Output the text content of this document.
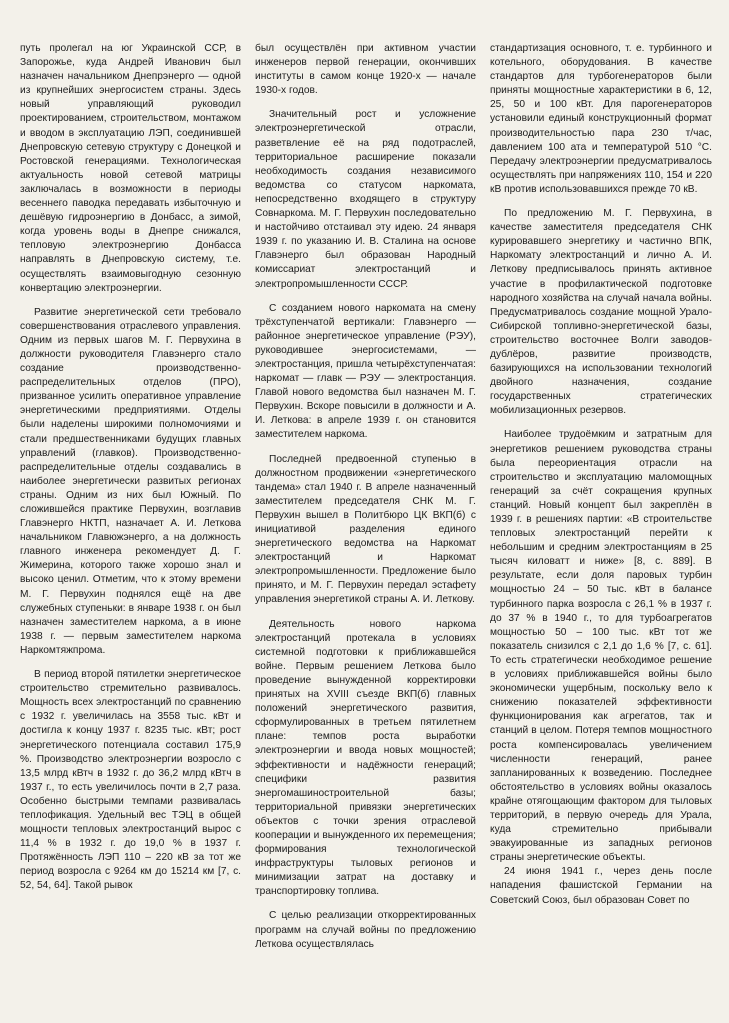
путь пролегал на юг Украинской ССР, в Запорожье, куда Андрей Иванович был назначен начальником Днепрэнерго — одной из крупнейших энергосистем страны. Здесь новый управляющий руководил проектированием, строительством, монтажом и вводом в эксплуатацию ЛЭП, соединившей Днепровскую сетевую структуру с Донецкой и Ростовской генерациями. Технологическая актуальность новой сетевой матрицы заключалась в возможности в периоды весеннего паводка передавать избыточную и дешёвую гидроэнергию в Донбасс, а зимой, когда уровень воды в Днепре снижался, тепловую электроэнергию Донбасса направлять в Днепровскую систему, т.е. осуществлять взаимовыгодную сезонную конвертацию электроэнергии.

Развитие энергетической сети требовало совершенствования отраслевого управления. Одним из первых шагов М. Г. Первухина в должности руководителя Главэнерго стало создание производственно-распределительных отделов (ПРО), призванное усилить оперативное управление энергетическими предприятиями. Отделы были наделены широкими полномочиями и стали предшественниками будущих главных управлений (главков). Производственно-распределительные отделы создавались в наиболее энергетически развитых регионах страны. Одним из них был Южный. По сложившейся практике Первухин, возглавив Главэнерго НКТП, назначает А. И. Леткова начальником Главюжэнерго, а на должность главного инженера рекомендует Д. Г. Жимерина, которого также хорошо знал и высоко ценил. Отметим, что к этому времени М. Г. Первухин поднялся ещё на две служебных ступеньки: в январе 1938 г. он был назначен заместителем наркома, а в июне 1938 г. — первым заместителем наркома Наркомтяжпрома.

В период второй пятилетки энергетическое строительство стремительно развивалось. Мощность всех электростанций по сравнению с 1932 г. увеличилась на 3558 тыс. кВт и достигла к концу 1937 г. 8235 тыс. кВт; рост энергетического потенциала составил 175,9 %. Производство электроэнергии возросло с 13,5 млрд кВтч в 1932 г. до 36,2 млрд кВтч в 1937 г., то есть увеличилось почти в 2,7 раза. Особенно быстрыми темпами развивалась теплофикация. Удельный вес ТЭЦ в общей мощности тепловых электростанций вырос с 11,4 % в 1932 г. до 19,0 % в 1937 г. Протяжённость ЛЭП 110 – 220 кВ за тот же период возросла с 9264 км до 15214 км [7, с. 52, 54, 64]. Такой рывок

был осуществлён при активном участии инженеров первой генерации, окончивших институты в самом конце 1920-х — начале 1930-х годов.

Значительный рост и усложнение электроэнергетической отрасли, разветвление её на ряд подотраслей, территориальное расширение показали необходимость создания независимого ведомства со статусом наркомата, непосредственно входящего в структуру Совнаркома. М. Г. Первухин последовательно и настойчиво отстаивал эту идею. 24 января 1939 г. по указанию И. В. Сталина на основе Главэнерго был образован Народный комиссариат электростанций и электропромышленности СССР.

С созданием нового наркомата на смену трёхступенчатой вертикали: Главэнерго — районное энергетическое управление (РЭУ), руководившее энергосистемами, — электростанция, пришла четырёхступенчатая: наркомат — главк — РЭУ — электростанция. Главой нового ведомства был назначен М. Г. Первухин. Вскоре повысили в должности и А. И. Леткова: в апреле 1939 г. он становится заместителем наркома.

Последней предвоенной ступенью в должностном продвижении «энергетического тандема» стал 1940 г. В апреле назначенный заместителем председателя СНК М. Г. Первухин вышел в Политбюро ЦК ВКП(б) с инициативой разделения единого энергетического ведомства на Наркомат электростанций и Наркомат электропромышленности. Предложение было принято, и М. Г. Первухин передал эстафету управления энергетикой страны А. И. Леткову.

Деятельность нового наркома электростанций протекала в условиях системной подготовки к приближавшейся войне. Первым решением Леткова было проведение вынужденной корректировки принятых на XVIII съезде ВКП(б) главных положений энергетического развития, сформулированных в третьем пятилетнем плане: темпов роста выработки электроэнергии и ввода новых мощностей; эффективности и надёжности генераций; специфики развития энергомашиностроительной базы; территориальной привязки энергетических объектов с точки зрения отраслевой кооперации и вынужденного их перемещения; формирования технологической инфраструктуры тыловых регионов и минимизации затрат на доставку и транспортировку топлива.

С целью реализации откорректированных программ на случай войны по предложению Леткова осуществлялась

стандартизация основного, т. е. турбинного и котельного, оборудования. В качестве стандартов для турбогенераторов были приняты мощностные характеристики в 6, 12, 25, 50 и 100 кВт. Для парогенераторов установили единый конструкционный формат производительностью пара 230 т/час, давлением 100 ата и температурой 510 °С. Передачу электроэнергии предусматривалось осуществлять при напряжениях 110, 154 и 220 кВ против использовавшихся прежде 70 кВ.

По предложению М. Г. Первухина, в качестве заместителя председателя СНК курировавшего энергетику и частично ВПК, Наркомату электростанций и лично А. И. Леткову предписывалось принять активное участие в профилактической подготовке народного хозяйства на случай начала войны. Предусматривалось создание мощной Урало-Сибирской топливно-энергетической базы, строительство восточнее Волги заводов-дублёров, развитие производств, базирующихся на использовании технологий двойного назначения, создание государственных стратегических мобилизационных резервов.

Наиболее трудоёмким и затратным для энергетиков решением руководства страны была переориентация отрасли на строительство и эксплуатацию маломощных генераций за счёт сокращения крупных станций. Новый концепт был закреплён в 1939 г. в решениях партии: «В строительстве тепловых электростанций перейти к небольшим и средним электростанциям в 25 тысяч киловатт и ниже» [8, с. 889]. В результате, если доля паровых турбин мощностью 24 – 50 тыс. кВт в балансе турбинного парка возросла с 26,1 % в 1937 г. до 37 % в 1940 г., то для турбоагрегатов мощностью 50 – 100 тыс. кВт тот же показатель снизился с 2,1 до 1,6 % [7, с. 61]. То есть стратегически необходимое решение в условиях приближавшейся войны было экономически ущербным, поскольку вело к снижению показателей эффективности функционирования как агрегатов, так и станций в целом. Потеря темпов мощностного роста компенсировалась увеличением численности генераций, ранее запланированных к возведению. Последнее обстоятельство в условиях войны оказалось крайне отягощающим фактором для тыловых территорий, в первую очередь для Урала, куда стремительно прибывали эвакуированные из западных регионов страны энергетические объекты.

24 июня 1941 г., через день после нападения фашистской Германии на Советский Союз, был образован Совет по
